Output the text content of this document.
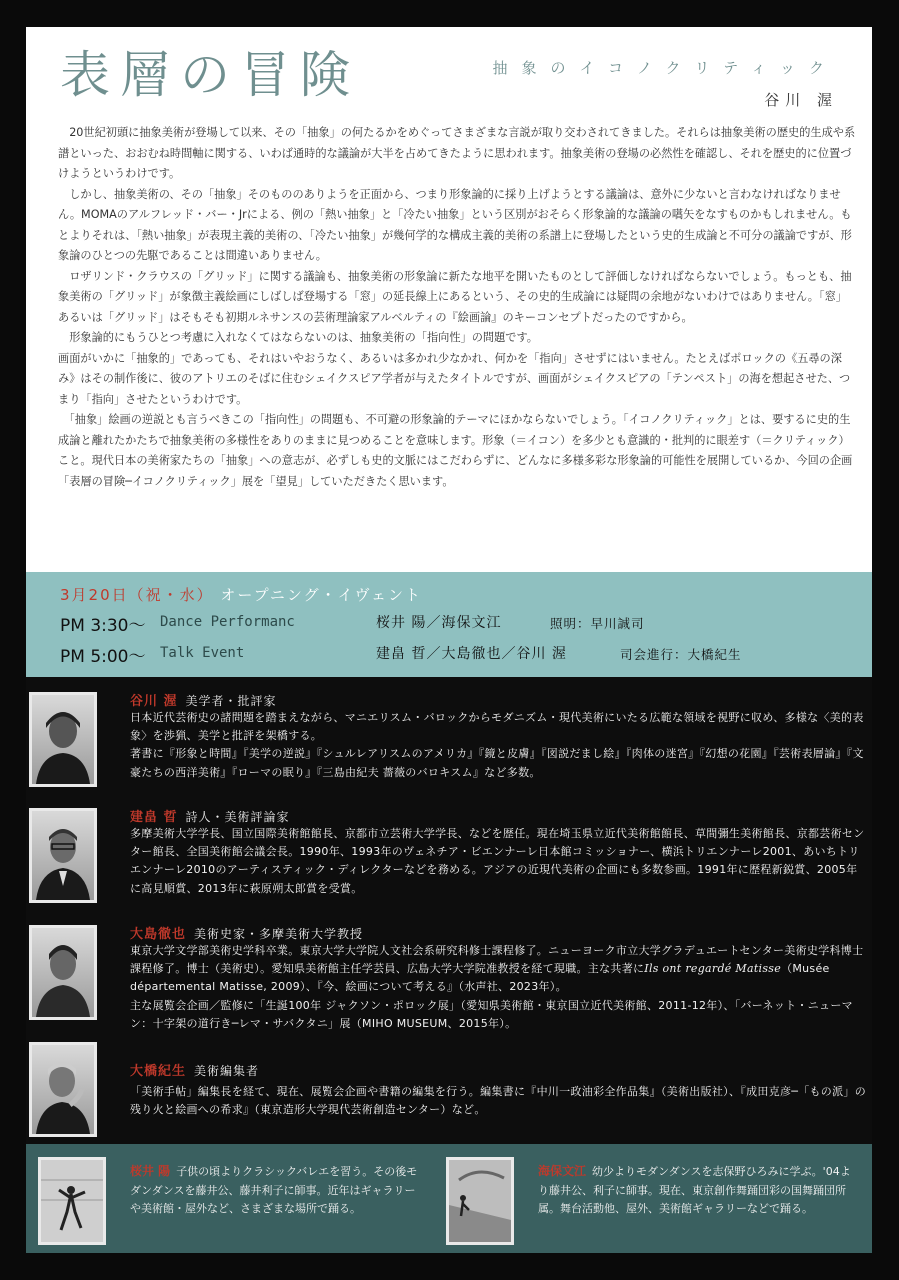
表層の冒険	抽象のイコノクリティック
谷川 渥

　20世紀初頭に抽象美術が登場して以来、その「抽象」の何たるかをめぐってさまざまな言説が取り交わされてきました。それらは抽象美術の歴史的生成や系譜といった、おおむね時間軸に関する、いわば通時的な議論が大半を占めてきたように思われます。抽象美術の登場の必然性を確認し、それを歴史的に位置づけようというわけです。

　しかし、抽象美術の、その「抽象」そのもののありようを正面から、つまり形象論的に採り上げようとする議論は、意外に少ないと言わなければなりません。MOMAのアルフレッド・バー・Jrによる、例の「熱い抽象」と「冷たい抽象」という区別がおそらく形象論的な議論の嚆矢をなすものかもしれません。もとよりそれは、「熱い抽象」が表現主義的美術の、「冷たい抽象」が幾何学的な構成主義的美術の系譜上に登場したという史的生成論と不可分の議論ですが、形象論のひとつの先駆であることは間違いありません。

　ロザリンド・クラウスの「グリッド」に関する議論も、抽象美術の形象論に新たな地平を開いたものとして評価しなければならないでしょう。もっとも、抽象美術の「グリッド」が象徴主義絵画にしばしば登場する「窓」の延長線上にあるという、その史的生成論には疑問の余地がないわけではありません。「窓」あるいは「グリッド」はそもそも初期ルネサンスの芸術理論家アルベルティの『絵画論』のキーコンセプトだったのですから。

　形象論的にもうひとつ考慮に入れなくてはならないのは、抽象美術の「指向性」の問題です。

画面がいかに「抽象的」であっても、それはいやおうなく、あるいは多かれ少なかれ、何かを「指向」させずにはいません。たとえばポロックの《五尋の深み》はその制作後に、彼のアトリエのそばに住むシェイクスピア学者が与えたタイトルですが、画面がシェイクスピアの「テンペスト」の海を想起させた、つまり「指向」させたというわけです。

　「抽象」絵画の逆説とも言うべきこの「指向性」の問題も、不可避の形象論的テーマにほかならないでしょう。「イコノクリティック」とは、要するに史的生成論と離れたかたちで抽象美術の多様性をありのままに見つめることを意味します。形象（＝イコン）を多少とも意識的・批判的に眼差す（＝クリティック）こと。現代日本の美術家たちの「抽象」への意志が、必ずしも史的文脈にはこだわらずに、どんなに多様多彩な形象論的可能性を展開しているか、今回の企画「表層の冒険─イコノクリティック」展を「望見」していただきたく思います。

3月20日（祝・水） オープニング・イヴェント
PM 3:30〜 Dance Performanc	桜井 陽／海保文江	照明：早川誠司
PM 5:00〜 Talk Event	建畠 晢／大島徹也／谷川 渥	司会進行：大橋紀生
谷川 渥 美学者・批評家

日本近代芸術史の諸問題を踏まえながら、マニエリスム・バロックからモダニズム・現代美術にいたる広範な領域を視野に収め、多様な〈美的表象〉を渉猟、美学と批評を架橋する。

著書に『形象と時間』『美学の逆説』『シュルレアリスムのアメリカ』『鏡と皮膚』『図説だまし絵』『肉体の迷宮』『幻想の花園』『芸術表層論』『文豪たちの西洋美術』『ローマの眠り』『三島由紀夫 薔薇のバロキスム』など多数。

建畠 晢 詩人・美術評論家

多摩美術大学学長、国立国際美術館館長、京都市立芸術大学学長、などを歴任。現在埼玉県立近代美術館館長、草間彌生美術館長、京都芸術センター館長、全国美術館会議会長。1990年、1993年のヴェネチア・ビエンナーレ日本館コミッショナー、横浜トリエンナーレ2001、あいちトリエンナーレ2010のアーティスティック・ディレクターなどを務める。アジアの近現代美術の企画にも多数参画。1991年に歴程新鋭賞、2005年に高見順賞、2013年に萩原朔太郎賞を受賞。

大島徹也 美術史家・多摩美術大学教授

東京大学文学部美術史学科卒業。東京大学大学院人文社会系研究科修士課程修了。ニューヨーク市立大学グラデュエートセンター美術史学科博士課程修了。博士（美術史）。愛知県美術館主任学芸員、広島大学大学院准教授を経て現職。主な共著にIls ont regardé Matisse（Musée départemental Matisse, 2009）、『今、絵画について考える』（水声社、2023年）。

主な展覧会企画／監修に「生誕100年 ジャクソン・ポロック展」（愛知県美術館・東京国立近代美術館、2011-12年）、「バーネット・ニューマン：十字架の道行き─レマ・サバクタニ」展（MIHO MUSEUM、2015年）。

大橋紀生 美術編集者

「美術手帖」編集長を経て、現在、展覧会企画や書籍の編集を行う。編集書に『中川一政油彩全作品集』（美術出版社）、『成田克彦─「もの派」の残り火と絵画への希求』（東京造形大学現代芸術創造センター）など。

桜井 陽 子供の頃よりクラシックバレエを習う。その後モダンダンスを藤井公、藤井利子に師事。近年はギャラリーや美術館・屋外など、さまざまな場所で踊る。
海保文江 幼少よりモダンダンスを志保野ひろみに学ぶ。'04より藤井公、利子に師事。現在、東京創作舞踊団彩の国舞踊団所属。舞台活動他、屋外、美術館ギャラリーなどで踊る。
